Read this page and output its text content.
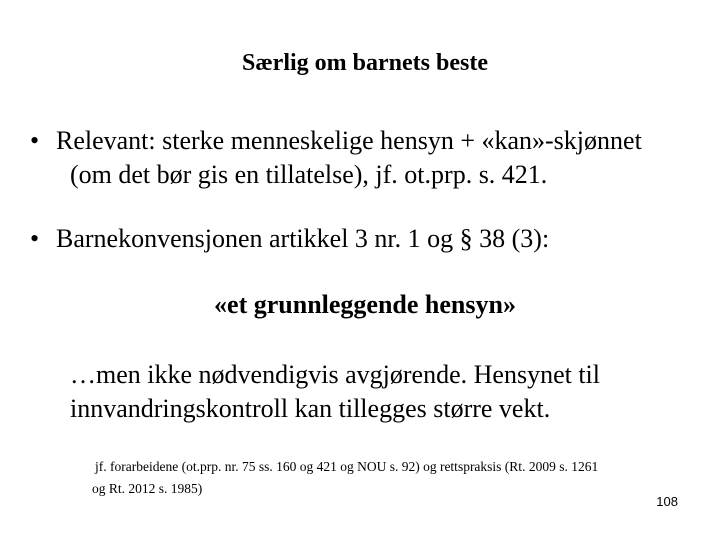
Særlig om barnets beste
• Relevant: sterke menneskelige hensyn + «kan»-skjønnet
(om det bør gis en tillatelse), jf. ot.prp. s. 421.
• Barnekonvensjonen artikkel 3 nr. 1 og § 38 (3):
«et grunnleggende hensyn»
…men ikke nødvendigvis avgjørende. Hensynet til
innvandringskontroll kan tillegges større vekt.
jf. forarbeidene (ot.prp. nr. 75 ss. 160 og 421 og NOU s. 92) og rettspraksis (Rt. 2009 s. 1261
og Rt. 2012 s. 1985)
108
